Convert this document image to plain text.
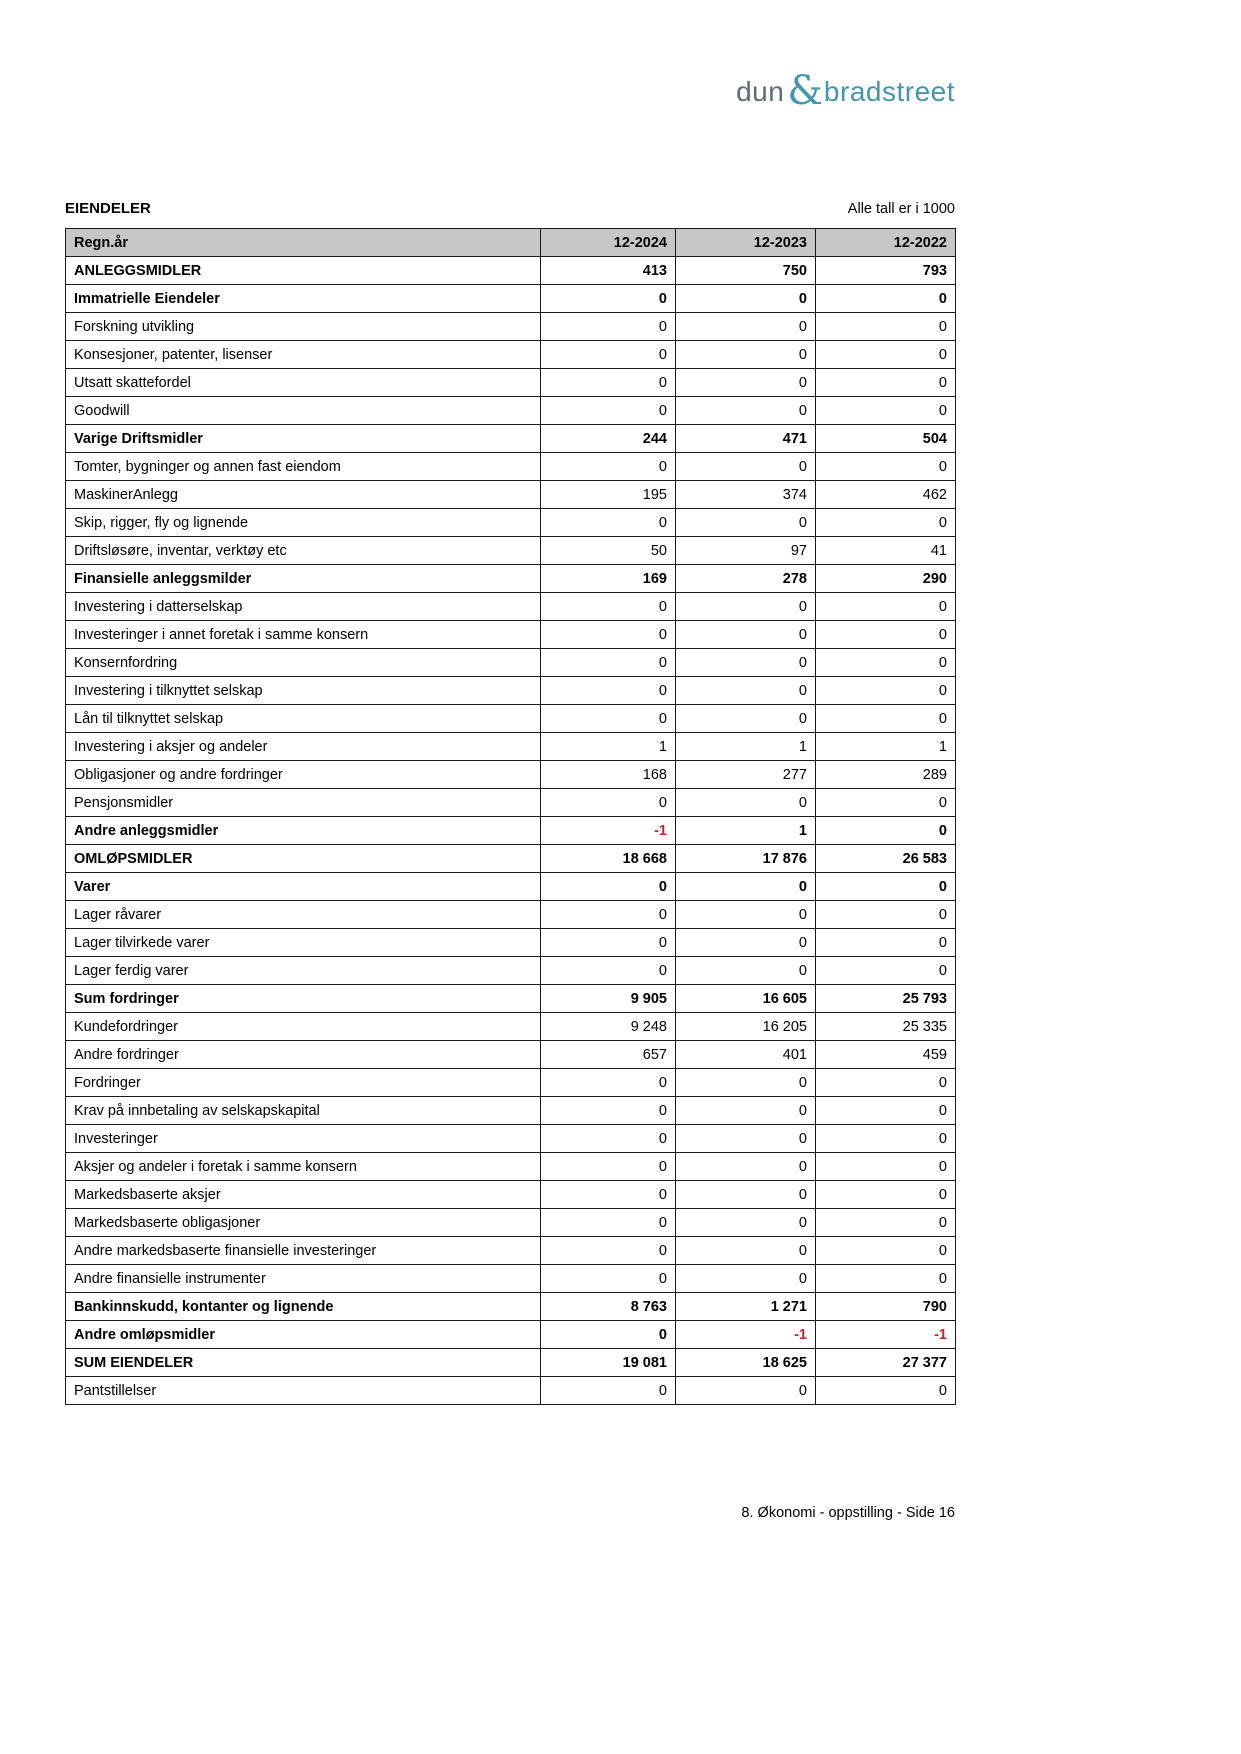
dun & bradstreet
EIENDELER	Alle tall er i 1000
Regn.år	12-2024	12-2023	12-2022
ANLEGGSMIDLER	413	750	793
Immatrielle Eiendeler	0	0	0
Forskning utvikling	0	0	0
Konsesjoner, patenter, lisenser	0	0	0
Utsatt skattefordel	0	0	0
Goodwill	0	0	0
Varige Driftsmidler	244	471	504
Tomter, bygninger og annen fast eiendom	0	0	0
MaskinerAnlegg	195	374	462
Skip, rigger, fly og lignende	0	0	0
Driftsløsøre, inventar, verktøy etc	50	97	41
Finansielle anleggsmilder	169	278	290
Investering i datterselskap	0	0	0
Investeringer i annet foretak i samme konsern	0	0	0
Konsernfordring	0	0	0
Investering i tilknyttet selskap	0	0	0
Lån til tilknyttet selskap	0	0	0
Investering i aksjer og andeler	1	1	1
Obligasjoner og andre fordringer	168	277	289
Pensjonsmidler	0	0	0
Andre anleggsmidler	-1	1	0
OMLØPSMIDLER	18 668	17 876	26 583
Varer	0	0	0
Lager råvarer	0	0	0
Lager tilvirkede varer	0	0	0
Lager ferdig varer	0	0	0
Sum fordringer	9 905	16 605	25 793
Kundefordringer	9 248	16 205	25 335
Andre fordringer	657	401	459
Fordringer	0	0	0
Krav på innbetaling av selskapskapital	0	0	0
Investeringer	0	0	0
Aksjer og andeler i foretak i samme konsern	0	0	0
Markedsbaserte aksjer	0	0	0
Markedsbaserte obligasjoner	0	0	0
Andre markedsbaserte finansielle investeringer	0	0	0
Andre finansielle instrumenter	0	0	0
Bankinnskudd, kontanter og lignende	8 763	1 271	790
Andre omløpsmidler	0	-1	-1
SUM EIENDELER	19 081	18 625	27 377
Pantstillelser	0	0	0
8. Økonomi - oppstilling - Side 16
